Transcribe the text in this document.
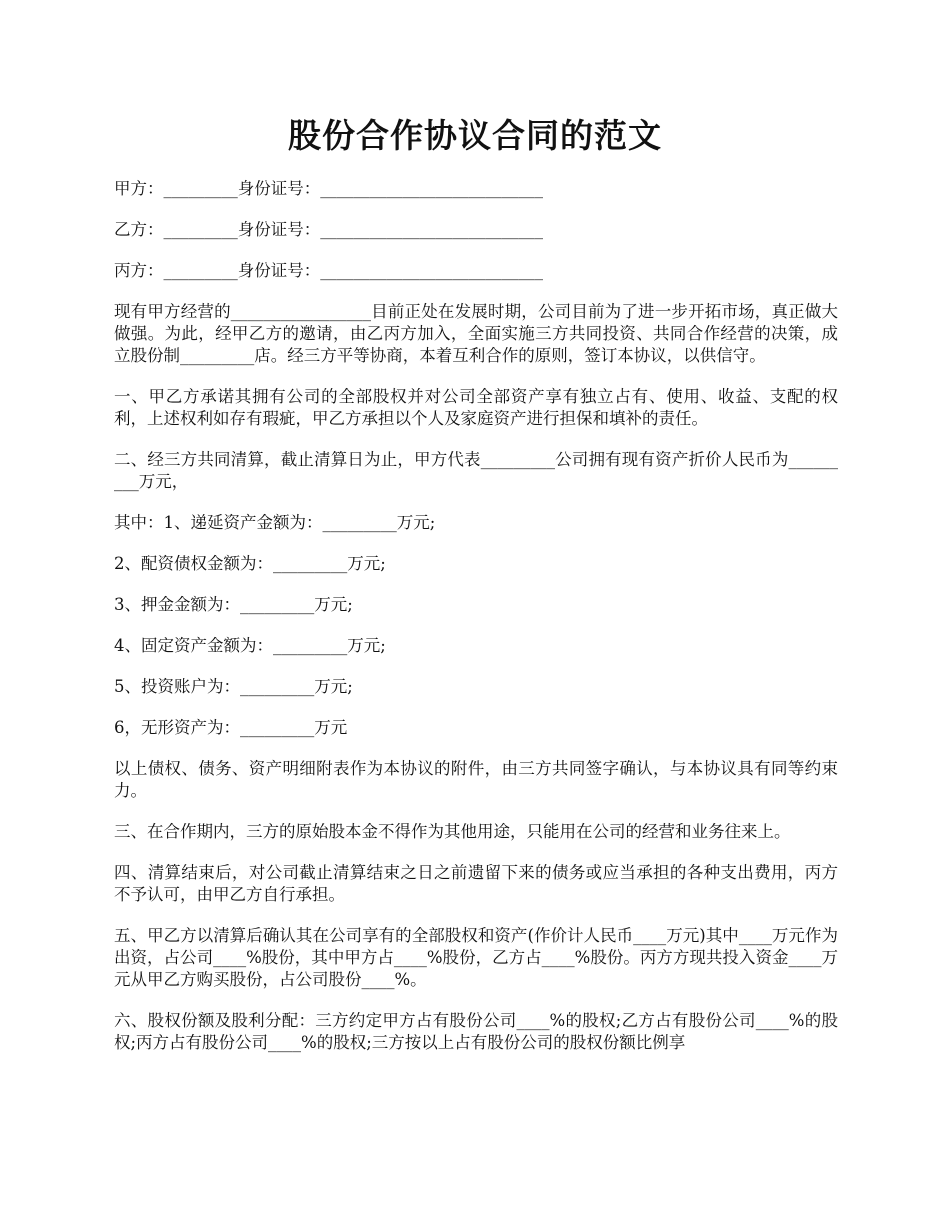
股份合作协议合同的范文

甲方：_________身份证号：___________________________

乙方：_________身份证号：___________________________

丙方：_________身份证号：___________________________

现有甲方经营的_________________目前正处在发展时期，公司目前为了进一步开拓市场，真正做大做强。为此，经甲乙方的邀请，由乙丙方加入，全面实施三方共同投资、共同合作经营的决策，成立股份制_________店。经三方平等协商，本着互利合作的原则，签订本协议，以供信守。

一、甲乙方承诺其拥有公司的全部股权并对公司全部资产享有独立占有、使用、收益、支配的权利，上述权利如存有瑕疵，甲乙方承担以个人及家庭资产进行担保和填补的责任。

二、经三方共同清算，截止清算日为止，甲方代表_________公司拥有现有资产折价人民币为_________万元，

其中：1、递延资产金额为：_________万元;

2、配资债权金额为：_________万元;

3、押金金额为：_________万元;

4、固定资产金额为：_________万元;

5、投资账户为：_________万元;

6，无形资产为：_________万元

以上债权、债务、资产明细附表作为本协议的附件，由三方共同签字确认，与本协议具有同等约束力。

三、在合作期内，三方的原始股本金不得作为其他用途，只能用在公司的经营和业务往来上。

四、清算结束后，对公司截止清算结束之日之前遗留下来的债务或应当承担的各种支出费用，丙方不予认可，由甲乙方自行承担。

五、甲乙方以清算后确认其在公司享有的全部股权和资产(作价计人民币____万元)其中____万元作为出资，占公司____%股份，其中甲方占____%股份，乙方占____%股份。丙方方现共投入资金____万元从甲乙方购买股份，占公司股份____%。

六、股权份额及股利分配：三方约定甲方占有股份公司____%的股权;乙方占有股份公司____%的股权;丙方占有股份公司____%的股权;三方按以上占有股份公司的股权份额比例享
